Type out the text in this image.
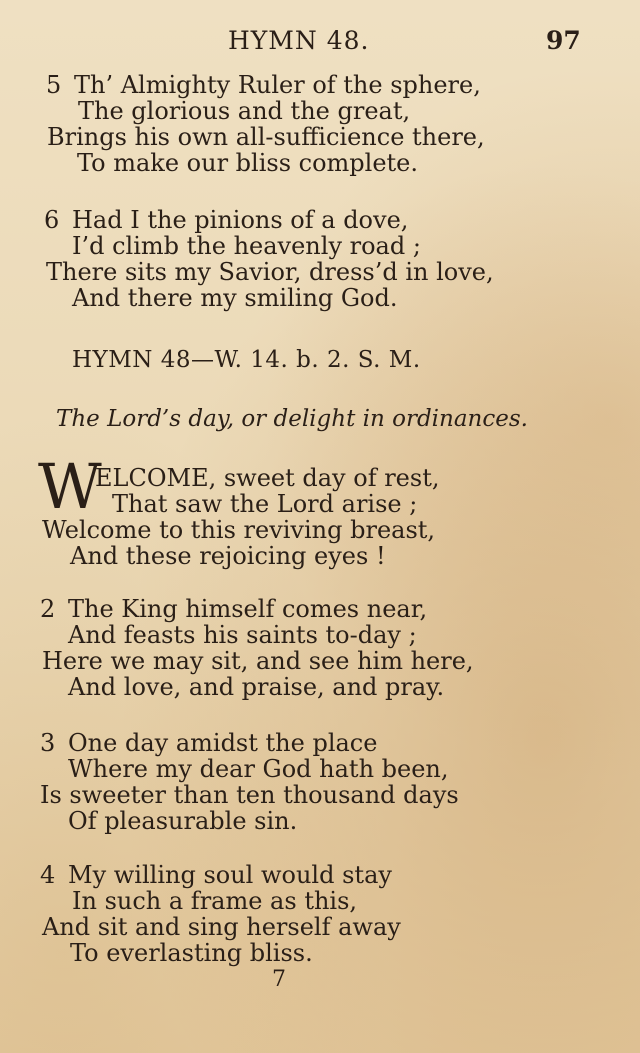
HYMN 48.	97
5 Th’ Almighty Ruler of the sphere,
The glorious and the great,
Brings his own all-sufficience there,
To make our bliss complete.
6 Had I the pinions of a dove,
I’d climb the heavenly road ;
There sits my Savior, dress’d in love,
And there my smiling God.
HYMN 48—W. 14. b. 2. S. M.
The Lord’s day, or delight in ordinances.
W
ELCOME, sweet day of rest,
That saw the Lord arise ;
Welcome to this reviving breast,
And these rejoicing eyes !
2 The King himself comes near,
And feasts his saints to-day ;
Here we may sit, and see him here,
And love, and praise, and pray.
3 One day amidst the place
Where my dear God hath been,
Is sweeter than ten thousand days
Of pleasurable sin.
4 My willing soul would stay
In such a frame as this,
And sit and sing herself away
To everlasting bliss.
7
